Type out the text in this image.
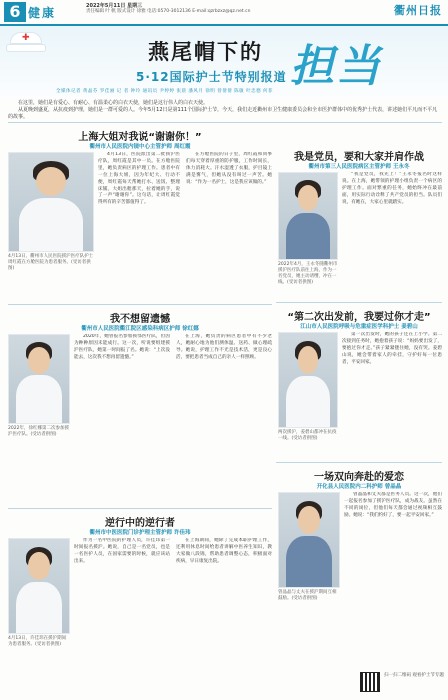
6 健康	2022年5月11日 星期三
责任编辑 叶 帆 版式设计 徐雅 电话:0570-3012136 E-mail:qzrbzxz@qz.net.cn	衢州日报
✚
燕尾帽下的 担当
5·12国际护士节特别报道
全媒体记者 黄晶芬 罗佳丽 记 者 钟玲 通讯员 尹婷婷 张晨 潘风月 徐明 曾倩倩 陈敏 叶忠德 何菲

在这里，她们是有爱心、有耐心、有温柔心的白衣天使，她们是这行伟人的白衣天使。

从夏晚到盛夏，从抗疫到护理，她们是一群可爱的人。今年5月12日是第111个国际护士节，今天，我们走近衢州市卫生健康委员会和全市医护群体中的优秀护士代表，讲述她们平凡而不平凡的故事。

上海大姐对我说“谢谢你！”
衢州市人民医院内镜中心主管护师 周红霞
4月13日，衢州市人民医院援沪医疗队护士周红霞在方舱医院为患者服务。(受访者供图)
4月13日，医院派出第二批援沪医疗队，周红霞是其中一员。在方舱医院里，她负责病区的护理工作。患者中有一位上海大姐，因为年纪大、行动不便，周红霞每天帮她打水、送饭、整理床铺。大姐出舱那天，拉着她的手，说了一声“谢谢你”。这句话，让周红霞觉得所有的辛苦都值得了。
在方舱医院的日子里，周红霞和同事们每天穿着厚重的防护服，工作时间长，体力消耗大。汗水湿透了衣服，护目镜上满是雾气，但她从没有叫过一声苦。她说：“作为一名护士，这是我应该做的。”
我是党员，要和大家并肩作战
衢州市第三人民医院病区主管护师 王永冬
2022年4月，王永冬随衢州市援沪医疗队前往上海，作为一名党员，她主动请缨，冲在一线。(受访者供图)
“我是党员，我先上！”王永冬报名时这样说。在上海，她带领的护理小组负责一个病区的护理工作。面对繁重的任务，她始终冲在最前面，用实际行动诠释了共产党员的担当。队员们说，有她在，大家心里就踏实。
“第二次出发前，我要过你才走”
江山市人民医院呼吸与危重症医学科护士 姜碧山
两次援沪，姜碧山都冲在抗疫一线。(受访者供图)
第一次出发时，她的孩子还在上小学。第二次接到任务时，她抱着孩子说：“妈妈要出发了，要抱过你才走。”孩子紧紧搂住她，没有哭。姜碧山说，她会带着家人的牵挂，守护好每一位患者，平安回家。
我不想留遗憾
衢州市人民医院衢江院区感染科病区护师 徐红娜
2022年，徐红娜第二次参加援沪医疗队。(受访者供图)
2020年，她曾报名参加援鄂医疗队，但因为种种原因未能成行。这一次，听说要组建援沪医疗队，她第一时间报了名。她说：“上次没能去，这次我不想再留遗憾。”
在上海，她负责的病区患者中有不少老人，她耐心地为他们测体温、送药、做心理疏导。她说，护理工作不光是技术活，更是良心活，要把患者当成自己的亲人一样照顾。
一场双向奔赴的爱恋
开化县人民医院内二科护师 曾晶晶
曾晶晶与丈夫在援沪期间互相鼓励。(受访者供图)
曾晶晶和丈夫都是医务人员。这一次，他们一起报名参加了援沪医疗队，成为战友。虽然在不同的岗位，但他们每天都会通过视频相互鼓励。她说：“我们约好了，要一起平安回家。”
逆行中的逆行者
衢州市中医医院门诊护理主管护师 许佳玮
4月13日，许佳玮在援沪期间为患者服务。(受访者供图)
作为一名中医院的护理人员，许佳玮第一时间报名援沪。她说，自己是一名党员，也是一名医护人员，在国家需要的时候，就应该站出来。
在上海期间，她除了完成本职护理工作，还利用休息时间给患者讲解中医养生知识，教大家做八段锦，帮助患者调整心态，积极面对疾病，早日康复出院。
扫一扫二维码 观看护士节专题
